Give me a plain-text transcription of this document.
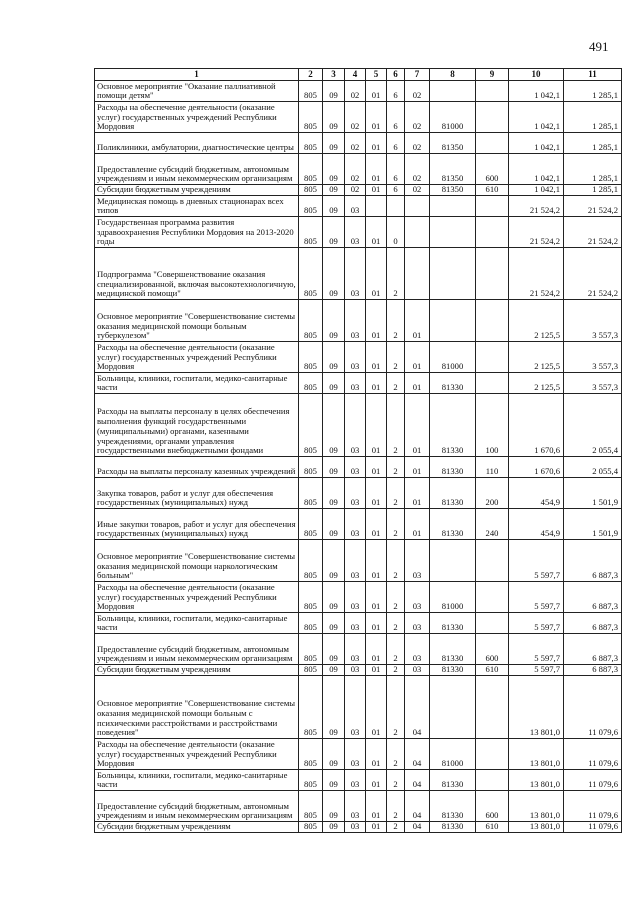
491
1	2	3	4	5	6	7	8	9	10	11
Основное мероприятие "Оказание паллиативной помощи детям"	805	09	02	01	6	02			1 042,1	1 285,1
Расходы на обеспечение деятельности (оказание услуг) государственных учреждений Республики Мордовия	805	09	02	01	6	02	81000		1 042,1	1 285,1
Поликлиники, амбулатории, диагностические центры	805	09	02	01	6	02	81350		1 042,1	1 285,1
Предоставление субсидий бюджетным, автономным учреждениям и иным некоммерческим организациям	805	09	02	01	6	02	81350	600	1 042,1	1 285,1
Субсидии бюджетным учреждениям	805	09	02	01	6	02	81350	610	1 042,1	1 285,1
Медицинская помощь в дневных стационарах всех типов	805	09	03						21 524,2	21 524,2
Государственная программа развития здравоохранения Республики Мордовия на 2013-2020 годы	805	09	03	01	0				21 524,2	21 524,2
Подпрограмма "Совершенствование оказания специализированной, включая высокотехнологичную, медицинской помощи"	805	09	03	01	2				21 524,2	21 524,2
Основное мероприятие "Совершенствование системы оказания медицинской помощи больным туберкулезом"	805	09	03	01	2	01			2 125,5	3 557,3
Расходы на обеспечение деятельности (оказание услуг) государственных учреждений Республики Мордовия	805	09	03	01	2	01	81000		2 125,5	3 557,3
Больницы, клиники, госпитали, медико-санитарные части	805	09	03	01	2	01	81330		2 125,5	3 557,3
Расходы на выплаты персоналу в целях обеспечения выполнения функций государственными (муниципальными) органами, казенными учреждениями, органами управления государственными внебюджетными фондами	805	09	03	01	2	01	81330	100	1 670,6	2 055,4
Расходы на выплаты персоналу казенных учреждений	805	09	03	01	2	01	81330	110	1 670,6	2 055,4
Закупка товаров, работ и услуг для обеспечения государственных (муниципальных) нужд	805	09	03	01	2	01	81330	200	454,9	1 501,9
Иные закупки товаров, работ и услуг для обеспечения государственных (муниципальных) нужд	805	09	03	01	2	01	81330	240	454,9	1 501,9
Основное мероприятие "Совершенствование системы оказания медицинской помощи наркологическим больным"	805	09	03	01	2	03			5 597,7	6 887,3
Расходы на обеспечение деятельности (оказание услуг) государственных учреждений Республики Мордовия	805	09	03	01	2	03	81000		5 597,7	6 887,3
Больницы, клиники, госпитали, медико-санитарные части	805	09	03	01	2	03	81330		5 597,7	6 887,3
Предоставление субсидий бюджетным, автономным учреждениям и иным некоммерческим организациям	805	09	03	01	2	03	81330	600	5 597,7	6 887,3
Субсидии бюджетным учреждениям	805	09	03	01	2	03	81330	610	5 597,7	6 887,3
Основное мероприятие "Совершенствование системы оказания медицинской помощи больным с психическими расстройствами и расстройствами поведения"	805	09	03	01	2	04			13 801,0	11 079,6
Расходы на обеспечение деятельности (оказание услуг) государственных учреждений Республики Мордовия	805	09	03	01	2	04	81000		13 801,0	11 079,6
Больницы, клиники, госпитали, медико-санитарные части	805	09	03	01	2	04	81330		13 801,0	11 079,6
Предоставление субсидий бюджетным, автономным учреждениям и иным некоммерческим организациям	805	09	03	01	2	04	81330	600	13 801,0	11 079,6
Субсидии бюджетным учреждениям	805	09	03	01	2	04	81330	610	13 801,0	11 079,6
